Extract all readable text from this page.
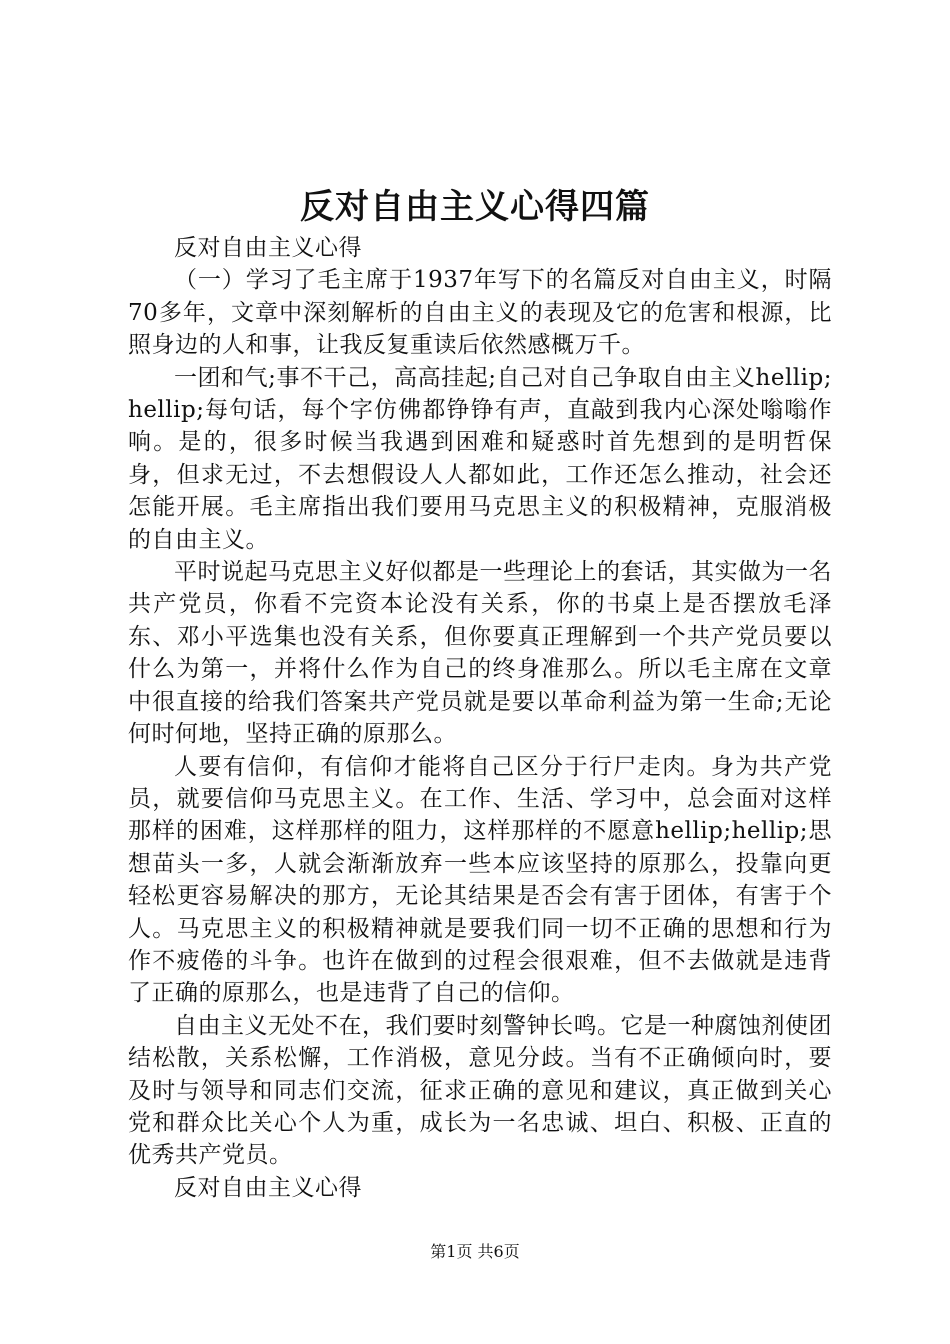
反对自由主义心得四篇

反对自由主义心得

（一）学习了毛主席于1937年写下的名篇反对自由主义，时隔70多年，文章中深刻解析的自由主义的表现及它的危害和根源，比照身边的人和事，让我反复重读后依然感概万千。

一团和气;事不干己，高高挂起;自己对自己争取自由主义hellip;hellip;每句话，每个字仿佛都铮铮有声，直敲到我内心深处嗡嗡作响。是的，很多时候当我遇到困难和疑惑时首先想到的是明哲保身，但求无过，不去想假设人人都如此，工作还怎么推动，社会还怎能开展。毛主席指出我们要用马克思主义的积极精神，克服消极的自由主义。

平时说起马克思主义好似都是一些理论上的套话，其实做为一名共产党员，你看不完资本论没有关系，你的书桌上是否摆放毛泽东、邓小平选集也没有关系，但你要真正理解到一个共产党员要以什么为第一，并将什么作为自己的终身准那么。所以毛主席在文章中很直接的给我们答案共产党员就是要以革命利益为第一生命;无论何时何地，坚持正确的原那么。

人要有信仰，有信仰才能将自己区分于行尸走肉。身为共产党员，就要信仰马克思主义。在工作、生活、学习中，总会面对这样那样的困难，这样那样的阻力，这样那样的不愿意hellip;hellip;思想苗头一多，人就会渐渐放弃一些本应该坚持的原那么，投靠向更轻松更容易解决的那方，无论其结果是否会有害于团体，有害于个人。马克思主义的积极精神就是要我们同一切不正确的思想和行为作不疲倦的斗争。也许在做到的过程会很艰难，但不去做就是违背了正确的原那么，也是违背了自己的信仰。

自由主义无处不在，我们要时刻警钟长鸣。它是一种腐蚀剂使团结松散，关系松懈，工作消极，意见分歧。当有不正确倾向时，要及时与领导和同志们交流，征求正确的意见和建议，真正做到关心党和群众比关心个人为重，成长为一名忠诚、坦白、积极、正直的优秀共产党员。

反对自由主义心得

第1页 共6页
